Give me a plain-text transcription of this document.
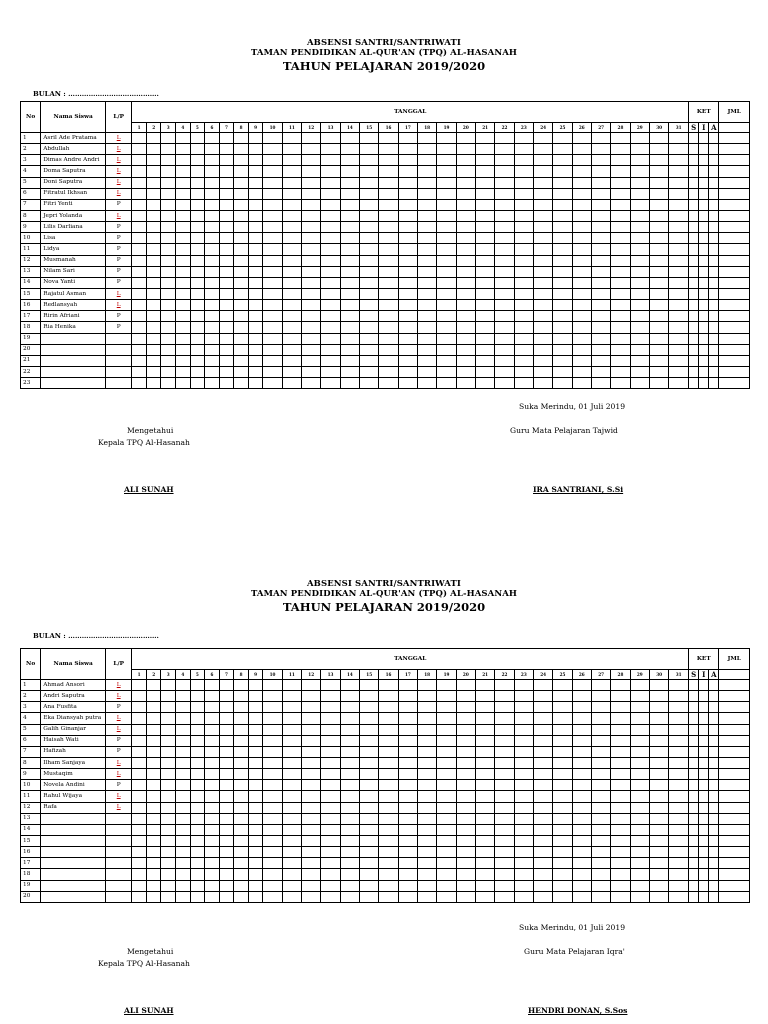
ABSENSI SANTRI/SANTRIWATI
TAMAN PENDIDIKAN AL-QUR'AN (TPQ) AL-HASANAH
TAHUN PELAJARAN 2019/2020
BULAN : ………………………………….
No	Nama Siswa	L/P	TANGGAL																															KET			JML
			1	2	3	4	5	6	7	8	9	10	11	12	13	14	15	16	17	18	19	20	21	22	23	24	25	26	27	28	29	30	31	S	I	A	
1	Asril Ade Pratama	L																																			
2	Abdullah	L																																			
3	Dimas Andre Andri	L																																			
4	Doma Saputra	L																																			
5	Doni Saputra	L																																			
6	Fitratul Ikhsan	L																																			
7	Fitri Yenti	P																																			
8	Jepri Yolanda	L																																			
9	Lilis Darliana	P																																			
10	Lisa	P																																			
11	Lidya	P																																			
12	Musmanah	P																																			
13	Nilam Sari	P																																			
14	Nova Yanti	P																																			
15	Rajatul Asman	L																																			
16	Redlansyah	L																																			
17	Ririn Afriani	P																																			
18	Ria Henika	P																																			
19																																					
20																																					
21																																					
22																																					
23																																					
ABSENSI SANTRI/SANTRIWATI
TAMAN PENDIDIKAN AL-QUR'AN (TPQ) AL-HASANAH
TAHUN PELAJARAN 2019/2020
BULAN : ………………………………….
No	Nama Siswa	L/P	TANGGAL																															KET			JML
			1	2	3	4	5	6	7	8	9	10	11	12	13	14	15	16	17	18	19	20	21	22	23	24	25	26	27	28	29	30	31	S	I	A	
1	Ahmad Ansori	L																																			
2	Andri Saputra	L																																			
3	Ana Fusfita	P																																			
4	Eka Diansyah putra	L																																			
5	Galih Ginanjar	L																																			
6	Haisah Wati	P																																			
7	Hafizah	P																																			
8	Ilham Sanjaya	L																																			
9	Mustaqim	L																																			
10	Novela Andini	P																																			
11	Rahul Wijaya	L																																			
12	Rafa	L																																			
13																																					
14																																					
15																																					
16																																					
17																																					
18																																					
19																																					
20																																					
Suka Merindu, 01 Juli 2019
Mengetahui	Guru Mata Pelajaran Tajwid
Kepala TPQ Al-Hasanah
ALI SUNAH	IRA SANTRIANI, S.Si
Suka Merindu, 01 Juli 2019
Mengetahui	Guru Mata Pelajaran Iqra'
Kepala TPQ Al-Hasanah
ALI SUNAH	HENDRI DONAN, S.Sos
